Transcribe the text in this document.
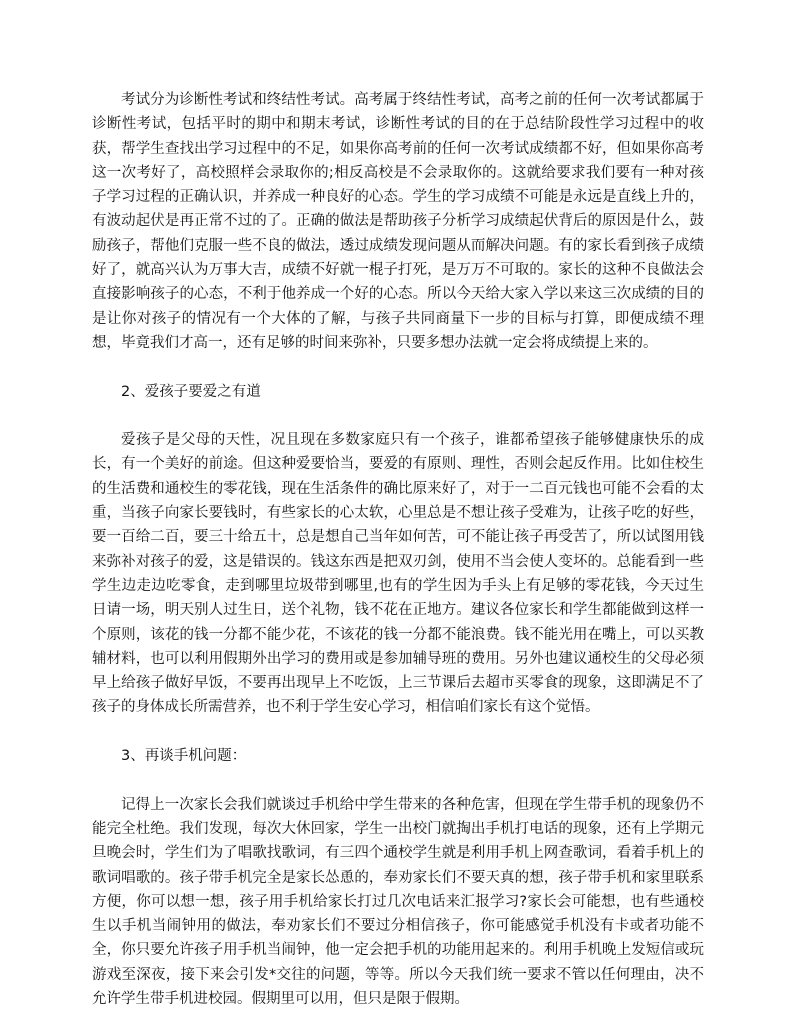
考试分为诊断性考试和终结性考试。高考属于终结性考试，高考之前的任何一次考试都属于诊断性考试，包括平时的期中和期末考试，诊断性考试的目的在于总结阶段性学习过程中的收获，帮学生查找出学习过程中的不足，如果你高考前的任何一次考试成绩都不好，但如果你高考这一次考好了，高校照样会录取你的;相反高校是不会录取你的。这就给要求我们要有一种对孩子学习过程的正确认识，并养成一种良好的心态。学生的学习成绩不可能是永远是直线上升的，有波动起伏是再正常不过的了。正确的做法是帮助孩子分析学习成绩起伏背后的原因是什么，鼓励孩子，帮他们克服一些不良的做法，透过成绩发现问题从而解决问题。有的家长看到孩子成绩好了，就高兴认为万事大吉，成绩不好就一棍子打死，是万万不可取的。家长的这种不良做法会直接影响孩子的心态，不利于他养成一个好的心态。所以今天给大家入学以来这三次成绩的目的是让你对孩子的情况有一个大体的了解，与孩子共同商量下一步的目标与打算，即便成绩不理想，毕竟我们才高一，还有足够的时间来弥补，只要多想办法就一定会将成绩提上来的。

2、爱孩子要爱之有道

爱孩子是父母的天性，况且现在多数家庭只有一个孩子，谁都希望孩子能够健康快乐的成长，有一个美好的前途。但这种爱要恰当，要爱的有原则、理性，否则会起反作用。比如住校生的生活费和通校生的零花钱，现在生活条件的确比原来好了，对于一二百元钱也可能不会看的太重，当孩子向家长要钱时，有些家长的心太软，心里总是不想让孩子受难为，让孩子吃的好些，要一百给二百，要三十给五十，总是想自己当年如何苦，可不能让孩子再受苦了，所以试图用钱来弥补对孩子的爱，这是错误的。钱这东西是把双刃剑，使用不当会使人变坏的。总能看到一些学生边走边吃零食，走到哪里垃圾带到哪里,也有的学生因为手头上有足够的零花钱，今天过生日请一场，明天别人过生日，送个礼物，钱不花在正地方。建议各位家长和学生都能做到这样一个原则，该花的钱一分都不能少花，不该花的钱一分都不能浪费。钱不能光用在嘴上，可以买教辅材料，也可以利用假期外出学习的费用或是参加辅导班的费用。另外也建议通校生的父母必须早上给孩子做好早饭，不要再出现早上不吃饭，上三节课后去超市买零食的现象，这即满足不了孩子的身体成长所需营养，也不利于学生安心学习，相信咱们家长有这个觉悟。

3、再谈手机问题：

记得上一次家长会我们就谈过手机给中学生带来的各种危害，但现在学生带手机的现象仍不能完全杜绝。我们发现，每次大休回家，学生一出校门就掏出手机打电话的现象，还有上学期元旦晚会时，学生们为了唱歌找歌词，有三四个通校学生就是利用手机上网查歌词，看着手机上的歌词唱歌的。孩子带手机完全是家长怂恿的，奉劝家长们不要天真的想，孩子带手机和家里联系方便，你可以想一想，孩子用手机给家长打过几次电话来汇报学习?家长会可能想，也有些通校生以手机当闹钟用的做法，奉劝家长们不要过分相信孩子，你可能感觉手机没有卡或者功能不全，你只要允许孩子用手机当闹钟，他一定会把手机的功能用起来的。利用手机晚上发短信或玩游戏至深夜，接下来会引发*交往的问题，等等。所以今天我们统一要求不管以任何理由，决不允许学生带手机进校园。假期里可以用，但只是限于假期。
